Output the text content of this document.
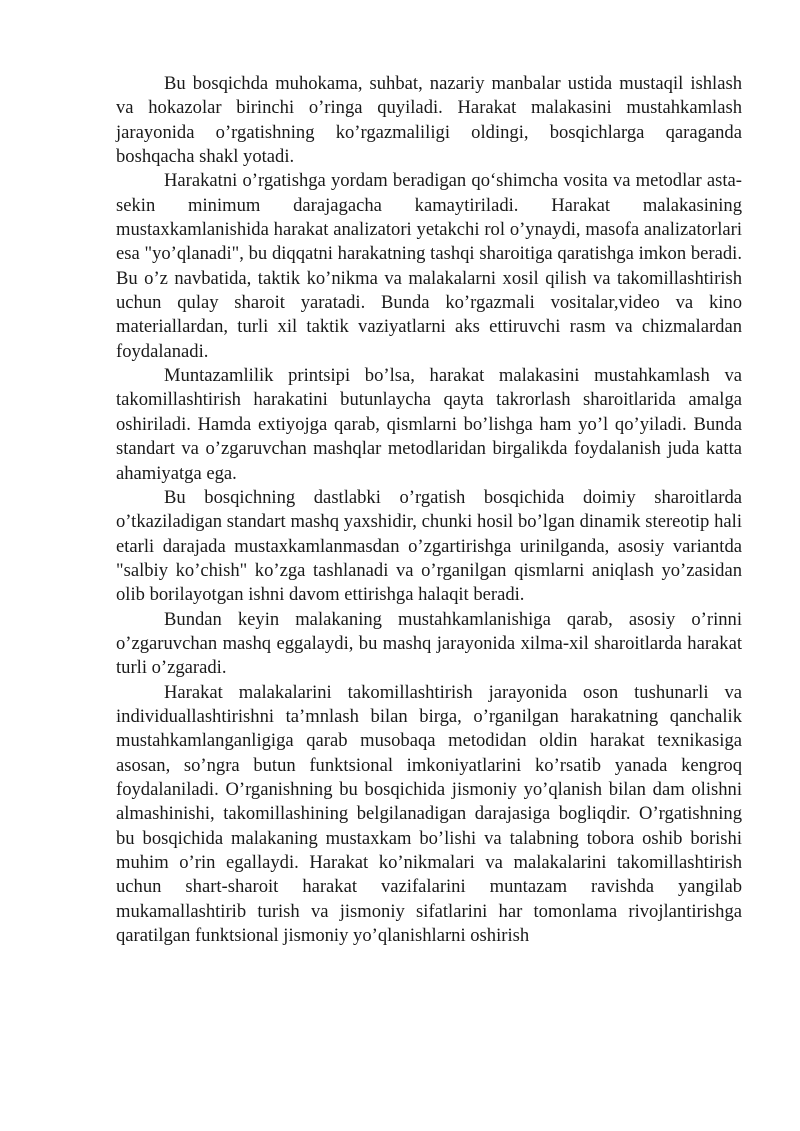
Bu bosqichda muhokama, suhbat, nazariy manbalar ustida mustaqil ishlash va hokazolar birinchi o’ringa quyiladi. Harakat malakasini mustahkamlash jarayonida o’rgatishning ko’rgazmaliligi oldingi, bosqichlarga qaraganda boshqacha shakl yotadi.

Harakatni o’rgatishga yordam beradigan qo‘shimcha vosita va metodlar asta-sekin minimum darajagacha kamaytiriladi. Harakat malakasining mustaxkamlanishida harakat analizatori yetakchi rol o’ynaydi, masofa analizatorlari esa "yo’qlanadi", bu diqqatni harakatning tashqi sharoitiga qaratishga imkon beradi. Bu o’z navbatida, taktik ko’nikma va malakalarni xosil qilish va takomillashtirish uchun qulay sharoit yaratadi. Bunda ko’rgazmali vositalar,video va kino materiallardan, turli xil taktik vaziyatlarni aks ettiruvchi rasm va chizmalardan foydalanadi.

Muntazamlilik printsipi bo’lsa, harakat malakasini mustahkamlash va takomillashtirish harakatini butunlaycha qayta takrorlash sharoitlarida amalga oshiriladi. Hamda extiyojga qarab, qismlarni bo’lishga ham yo’l qo’yiladi. Bunda standart va o’zgaruvchan mashqlar metodlaridan birgalikda foydalanish juda katta ahamiyatga ega.

Bu bosqichning dastlabki o’rgatish bosqichida doimiy sharoitlarda o’tkaziladigan standart mashq yaxshidir, chunki hosil bo’lgan dinamik stereotip hali etarli darajada mustaxkamlanmasdan o’zgartirishga urinilganda, asosiy variantda "salbiy ko’chish" ko’zga tashlanadi va o’rganilgan qismlarni aniqlash yo’zasidan olib borilayotgan ishni davom ettirishga halaqit beradi.

Bundan keyin malakaning mustahkamlanishiga qarab, asosiy o’rinni o’zgaruvchan mashq eggalaydi, bu mashq jarayonida xilma-xil sharoitlarda harakat turli o’zgaradi.

Harakat malakalarini takomillashtirish jarayonida oson tushunarli va individuallashtirishni ta’mnlash bilan birga, o’rganilgan harakatning qanchalik mustahkamlanganligiga qarab musobaqa metodidan oldin harakat texnikasiga asosan, so’ngra butun funktsional imkoniyatlarini ko’rsatib yanada kengroq foydalaniladi. O’rganishning bu bosqichida jismoniy yo’qlanish bilan dam olishni almashinishi, takomillashining belgilanadigan darajasiga bogliqdir. O’rgatishning bu bosqichida malakaning mustaxkam bo’lishi va talabning tobora oshib borishi muhim o’rin egallaydi. Harakat ko’nikmalari va malakalarini takomillashtirish uchun shart-sharoit harakat vazifalarini muntazam ravishda yangilab mukamallashtirib turish va jismoniy sifatlarini har tomonlama rivojlantirishga qaratilgan funktsional jismoniy yo’qlanishlarni oshirish
